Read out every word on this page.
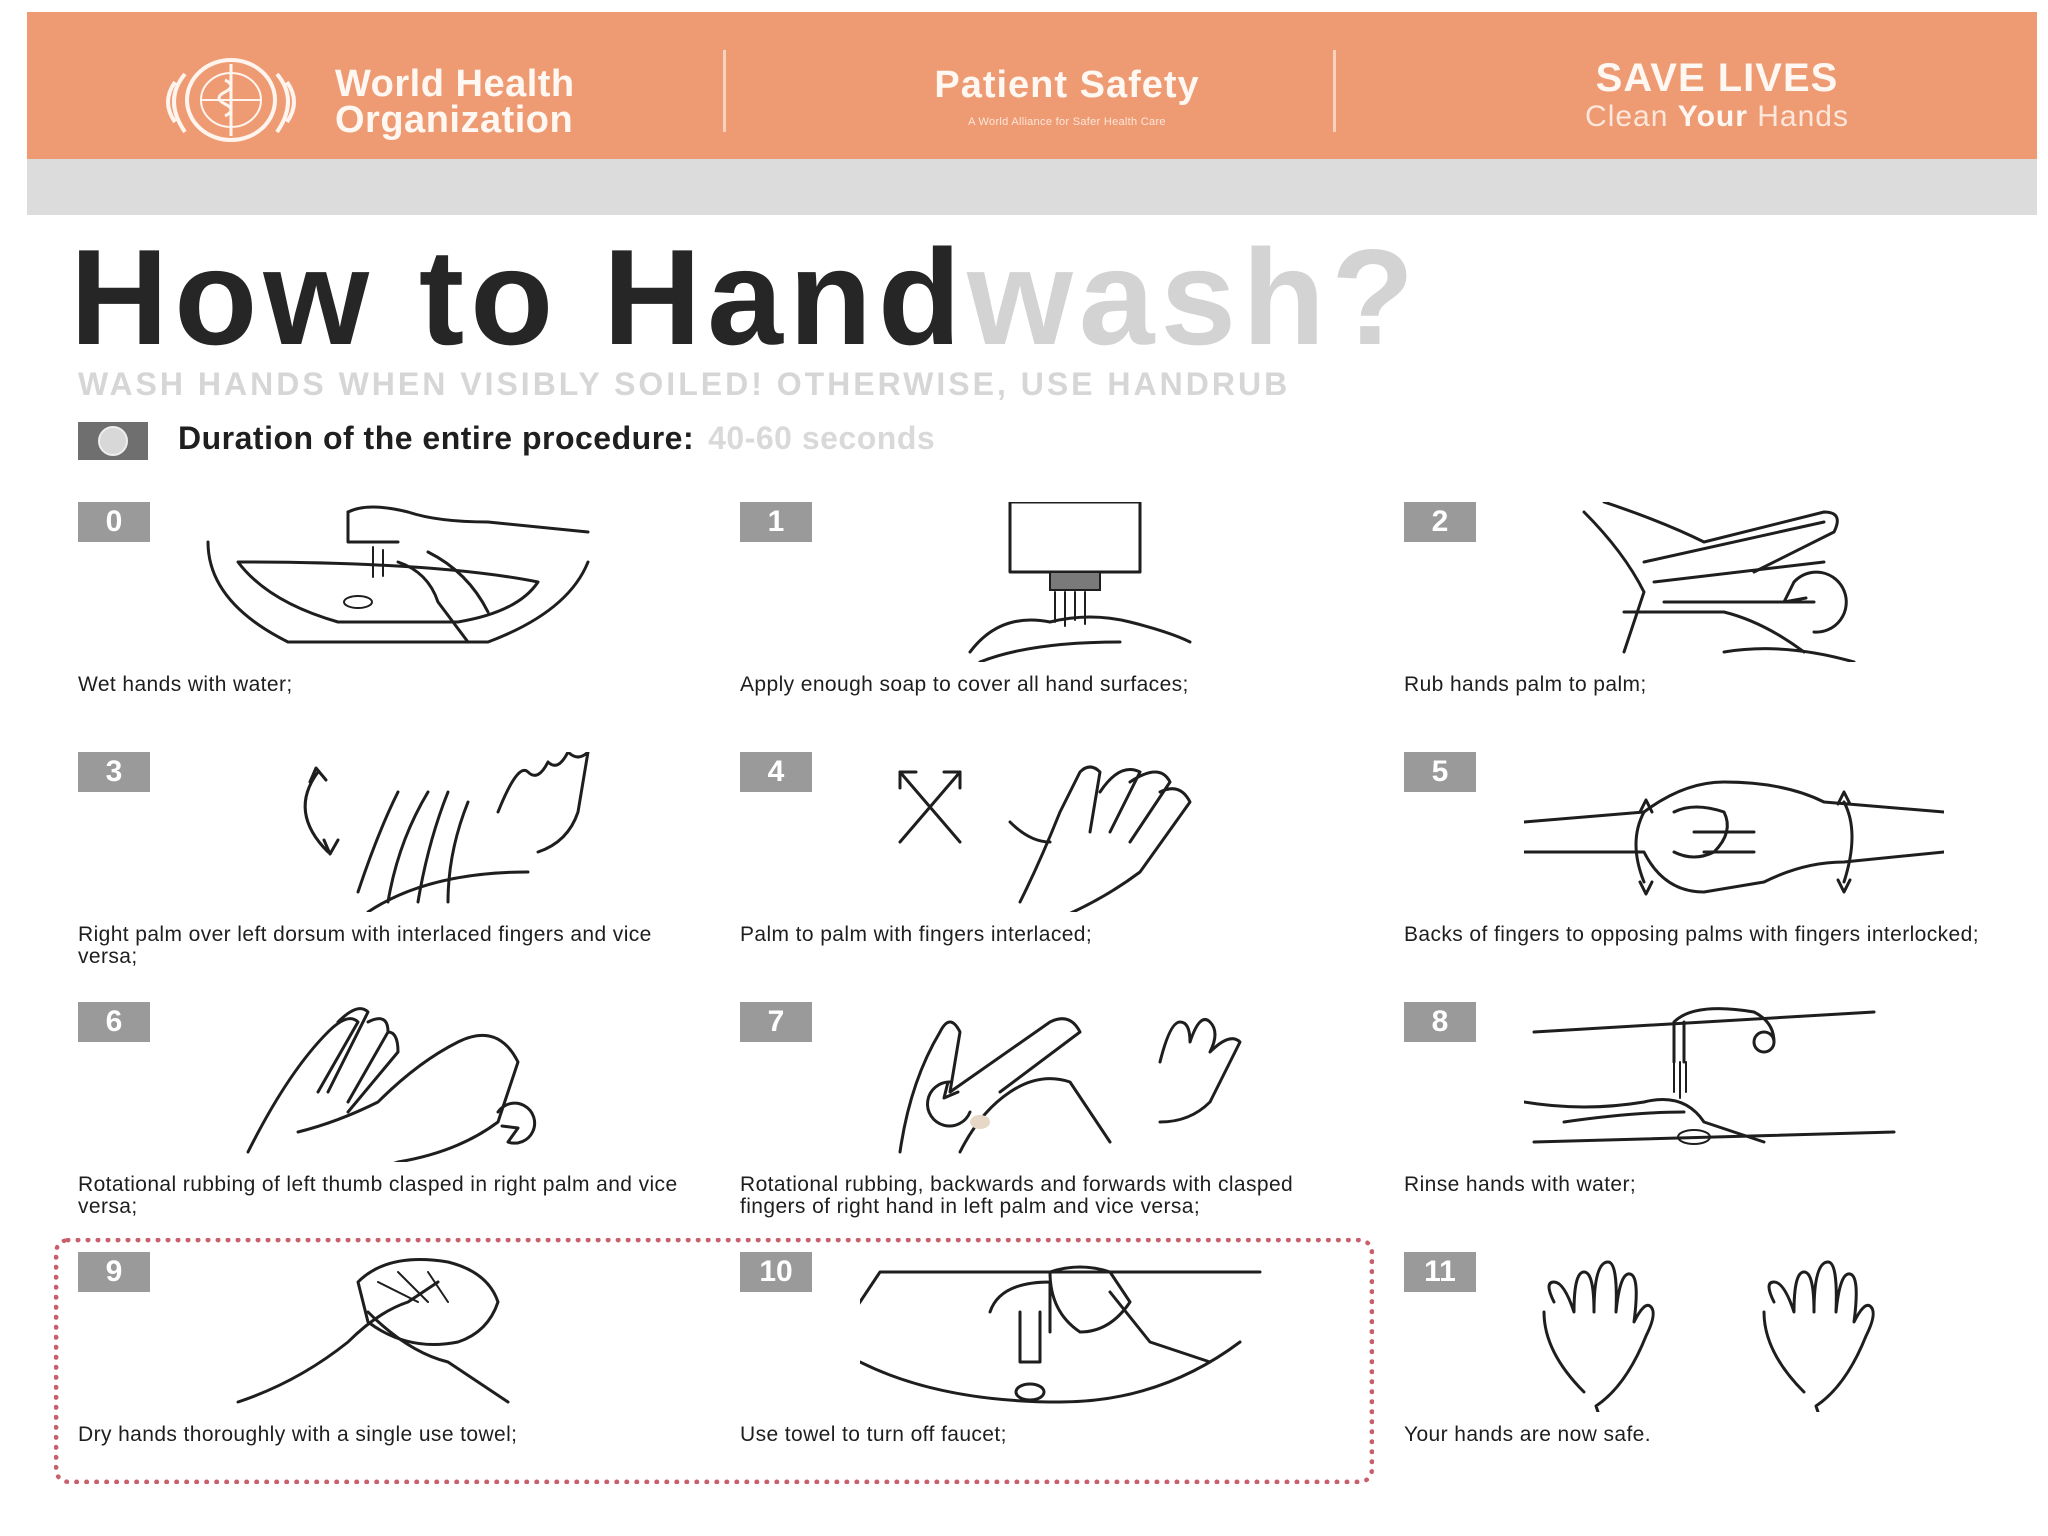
World Health
Organization
Patient Safety
A World Alliance for Safer Health Care
SAVE LIVES
Clean Your Hands
How to Handwash?
WASH HANDS WHEN VISIBLY SOILED! OTHERWISE, USE HANDRUB
Duration of the entire procedure: 40-60 seconds
0
Wet hands with water;
1
Apply enough soap to cover all hand surfaces;
2
Rub hands palm to palm;
3
Right palm over left dorsum with interlaced fingers and vice versa;
4
Palm to palm with fingers interlaced;
5
Backs of fingers to opposing palms with fingers interlocked;
6
Rotational rubbing of left thumb clasped in right palm and vice versa;
7
Rotational rubbing, backwards and forwards with clasped fingers of right hand in left palm and vice versa;
8
Rinse hands with water;
9
Dry hands thoroughly with a single use towel;
10
Use towel to turn off faucet;
11
Your hands are now safe.
